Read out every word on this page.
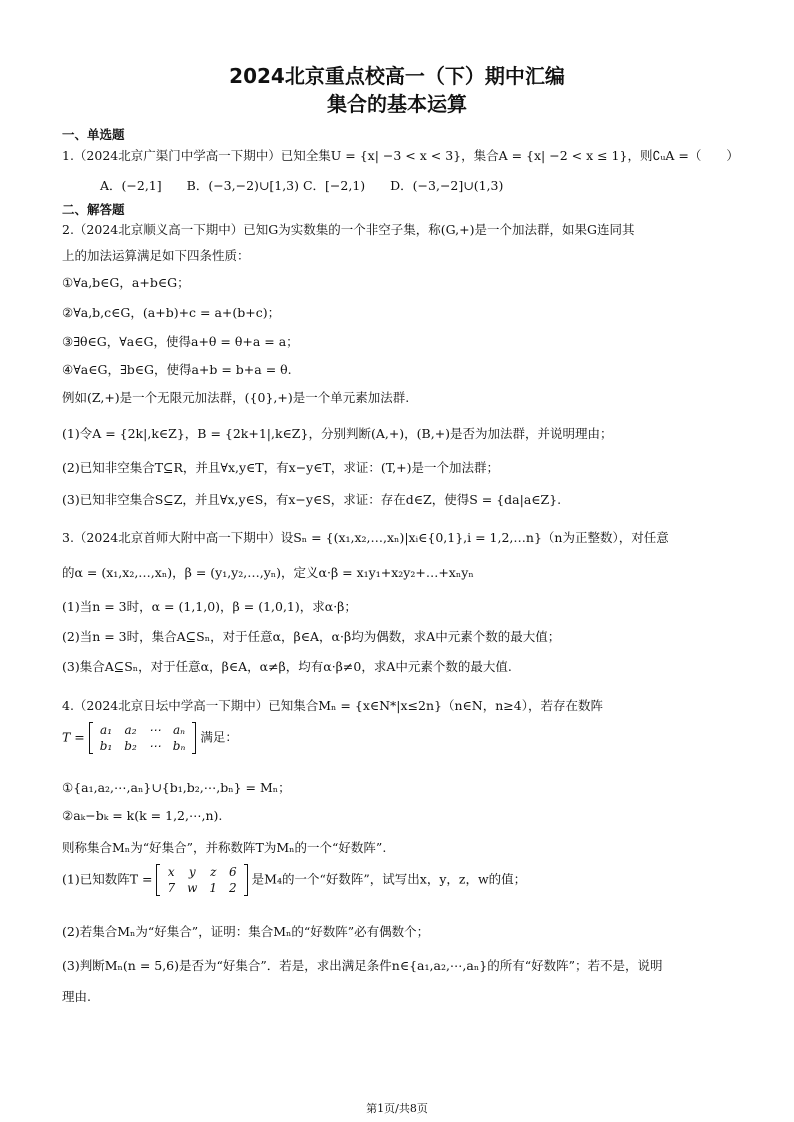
2024北京重点校高一（下）期中汇编
集合的基本运算
一、单选题
1.（2024北京广渠门中学高一下期中）已知全集U = {x| −3 < x < 3}，集合A = {x| −2 < x ≤ 1}，则∁ᵤA =（　　）
A．(−2,1]　　B．(−3,−2)∪[1,3) C．[−2,1)　　D．(−3,−2]∪(1,3)
二、解答题
2.（2024北京顺义高一下期中）已知G为实数集的一个非空子集，称(G,+)是一个加法群，如果G连同其
上的加法运算满足如下四条性质：
①∀a,b∈G，a+b∈G；
②∀a,b,c∈G，(a+b)+c = a+(b+c)；
③∃θ∈G，∀a∈G，使得a+θ = θ+a = a；
④∀a∈G，∃b∈G，使得a+b = b+a = θ.
例如(Z,+)是一个无限元加法群，({0},+)是一个单元素加法群.
(1)令A = {2k|,k∈Z}，B = {2k+1|,k∈Z}，分别判断(A,+)，(B,+)是否为加法群，并说明理由；
(2)已知非空集合T⊆R，并且∀x,y∈T，有x−y∈T，求证：(T,+)是一个加法群；
(3)已知非空集合S⊆Z，并且∀x,y∈S，有x−y∈S，求证：存在d∈Z，使得S = {da|a∈Z}.
3.（2024北京首师大附中高一下期中）设Sₙ = {(x₁,x₂,…,xₙ)|xᵢ∈{0,1},i = 1,2,…n}（n为正整数），对任意
的α = (x₁,x₂,…,xₙ)，β = (y₁,y₂,…,yₙ)，定义α·β = x₁y₁+x₂y₂+…+xₙyₙ
(1)当n = 3时，α = (1,1,0)，β = (1,0,1)，求α·β；
(2)当n = 3时，集合A⊆Sₙ，对于任意α，β∈A，α·β均为偶数，求A中元素个数的最大值；
(3)集合A⊆Sₙ，对于任意α，β∈A，α≠β，均有α·β≠0，求A中元素个数的最大值.
4.（2024北京日坛中学高一下期中）已知集合Mₙ = {x∈N*|x≤2n}（n∈N，n≥4），若存在数阵
T = a₁	a₂	⋯	aₙ
b₁	b₂	⋯	bₙ
满足：
①{a₁,a₂,⋯,aₙ}∪{b₁,b₂,⋯,bₙ} = Mₙ；
②aₖ−bₖ = k(k = 1,2,⋯,n).
则称集合Mₙ为“好集合”，并称数阵T为Mₙ的一个“好数阵”.
(1)已知数阵T = x	y	z	6
7	w	1	2
是M₄的一个“好数阵”，试写出x，y，z，w的值；
(2)若集合Mₙ为“好集合”，证明：集合Mₙ的“好数阵”必有偶数个；
(3)判断Mₙ(n = 5,6)是否为“好集合”．若是，求出满足条件n∈{a₁,a₂,⋯,aₙ}的所有“好数阵”；若不是，说明
理由.
第1页/共8页
